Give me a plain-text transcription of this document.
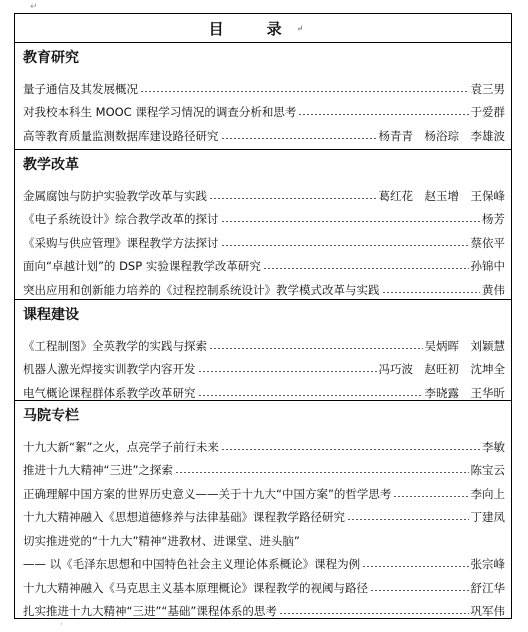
↵
目　录 ↵
教育研究
量子通信及其发展概况	袁三男
对我校本科生 MOOC 课程学习情况的调查分析和思考	于爱群
高等教育质量监测数据库建设路径研究	杨青青　杨浴琮　李雄波
教学改革
金属腐蚀与防护实验教学改革与实践	葛红花　赵玉增　王保峰
《电子系统设计》综合教学改革的探讨	杨芳
《采购与供应管理》课程教学方法探讨	蔡依平
面向“卓越计划”的 DSP 实验课程教学改革研究	孙锦中
突出应用和创新能力培养的《过程控制系统设计》教学模式改革与实践	黄伟
课程建设
《工程制图》全英教学的实践与探索	吴炳晖　刘颖慧
机器人激光焊接实训教学内容开发	冯巧波　赵旺初　沈坤全
电气概论课程群体系教学改革研究	李晓露　王华昕
马院专栏
十九大新“絮”之火，点亮学子前行未来	李敏
推进十九大精神“三进”之探索	陈宝云
正确理解中国方案的世界历史意义——关于十九大“中国方案”的哲学思考	李向上
十九大精神融入《思想道德修养与法律基础》课程教学路径研究	丁建凤
切实推进党的“十九大”精神“进教材、进课堂、进头脑”
—— 以《毛泽东思想和中国特色社会主义理论体系概论》课程为例	张宗峰
十九大精神融入《马克思主义基本原理概论》课程教学的视阈与路径	舒江华
扎实推进十九大精神“三进”“基础”课程体系的思考	巩军伟
·
